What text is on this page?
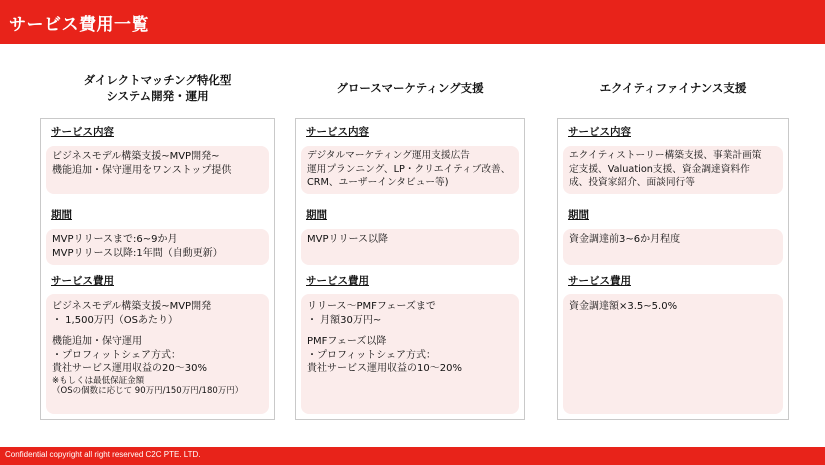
サービス費用一覧
ダイレクトマッチング特化型
システム開発・運用
グロースマーケティング支援	エクイティファイナンス支援
サービス内容
ビジネスモデル構築支援~MVP開発~
機能追加・保守運用をワンストップ提供
期間
MVPリリースまで:6~9か月
MVPリリース以降:1年間（自動更新）
サービス費用
ビジネスモデル構築支援~MVP開発
・ 1,500万円（OSあたり）
機能追加・保守運用
・プロフィットシェア方式：
貴社サービス運用収益の20～30%
※もしくは最低保証金額
（OSの個数に応じて 90万円/150万円/180万円）
サービス内容
デジタルマーケティング運用支援広告
運用プランニング、LP・クリエイティブ改善、
CRM、ユーザーインタビュー等)
期間
MVPリリース以降
サービス費用
リリース～PMFフェーズまで
・ 月額30万円~
PMFフェーズ以降
・プロフィットシェア方式：
貴社サービス運用収益の10～20%
サービス内容
エクイティストーリー構築支援、事業計画策
定支援、Valuation支援、資金調達資料作
成、投資家紹介、面談同行等
期間
資金調達前3~6か月程度
サービス費用
資金調達額×3.5~5.0%
Confidential copyright all right reserved C2C PTE. LTD.
